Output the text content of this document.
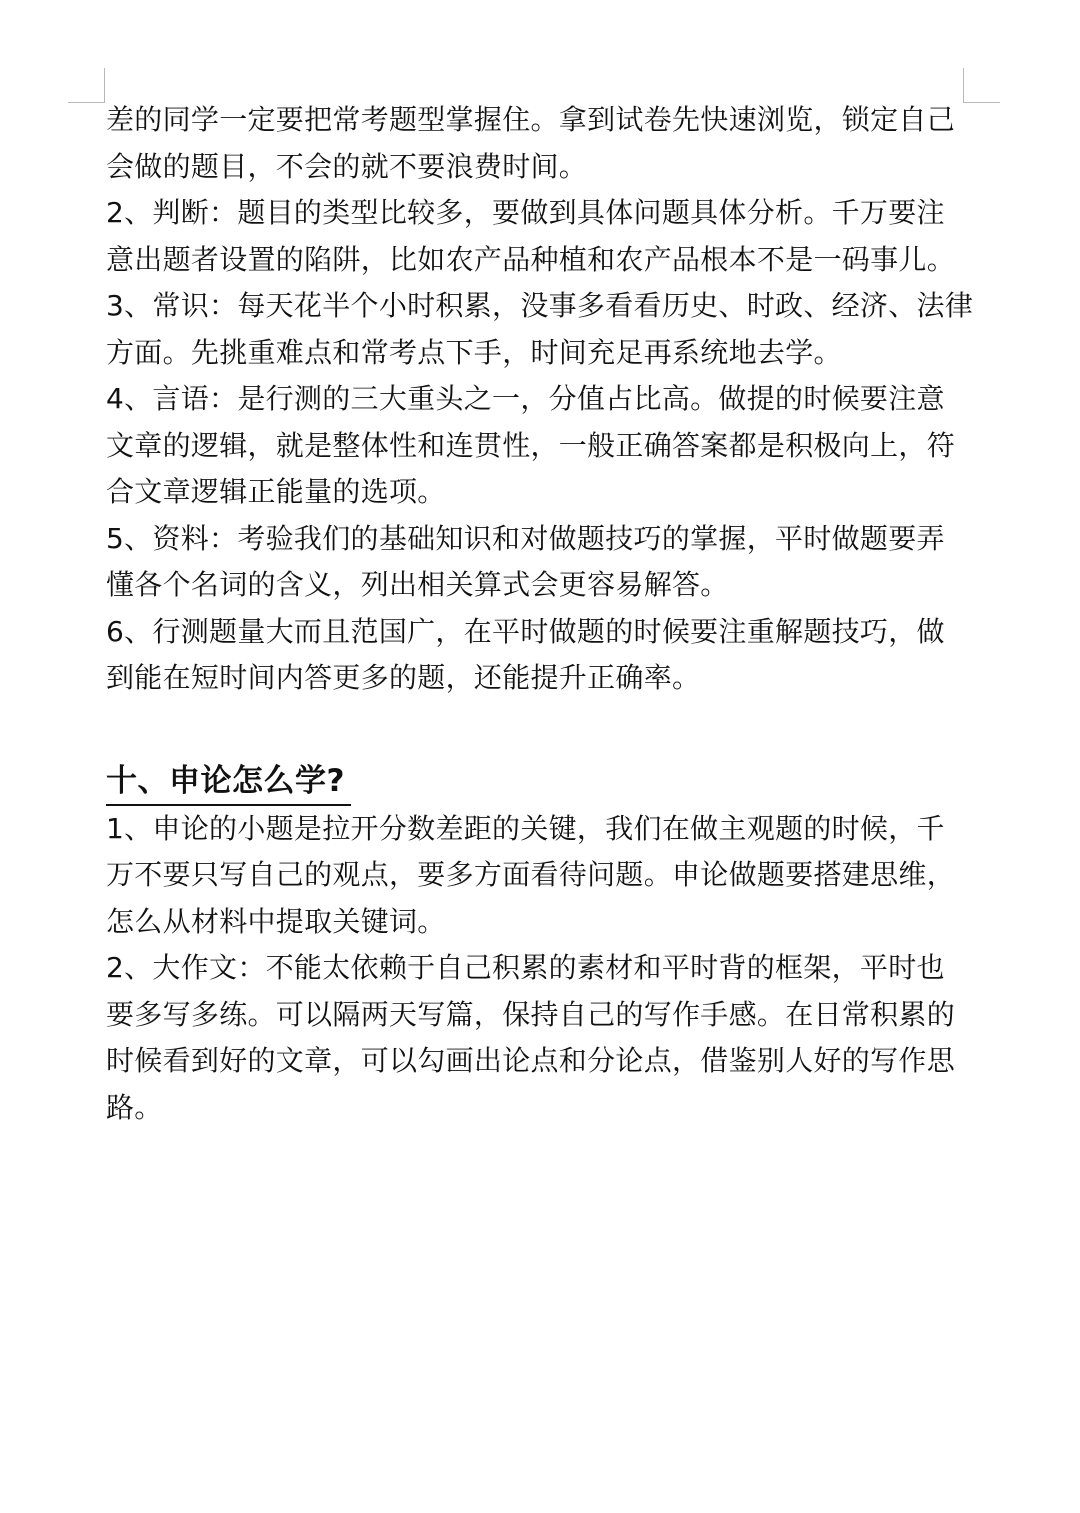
差的同学一定要把常考题型掌握住。拿到试卷先快速浏览，锁定自己

会做的题目，不会的就不要浪费时间。

2、判断：题目的类型比较多，要做到具体问题具体分析。千万要注

意出题者设置的陷阱，比如农产品种植和农产品根本不是一码事儿。

3、常识：每天花半个小时积累，没事多看看历史、时政、经济、法律

方面。先挑重难点和常考点下手，时间充足再系统地去学。

4、言语：是行测的三大重头之一，分值占比高。做提的时候要注意

文章的逻辑，就是整体性和连贯性，一般正确答案都是积极向上，符

合文章逻辑正能量的选项。

5、资料：考验我们的基础知识和对做题技巧的掌握，平时做题要弄

懂各个名词的含义，列出相关算式会更容易解答。

6、行测题量大而且范国广，在平时做题的时候要注重解题技巧，做

到能在短时间内答更多的题，还能提升正确率。

十、申论怎么学?

1、申论的小题是拉开分数差距的关键，我们在做主观题的时候，千

万不要只写自己的观点，要多方面看待问题。申论做题要搭建思维，

怎么从材料中提取关键词。

2、大作文：不能太依赖于自己积累的素材和平时背的框架，平时也

要多写多练。可以隔两天写篇，保持自己的写作手感。在日常积累的

时候看到好的文章，可以勾画出论点和分论点，借鉴别人好的写作思

路。
